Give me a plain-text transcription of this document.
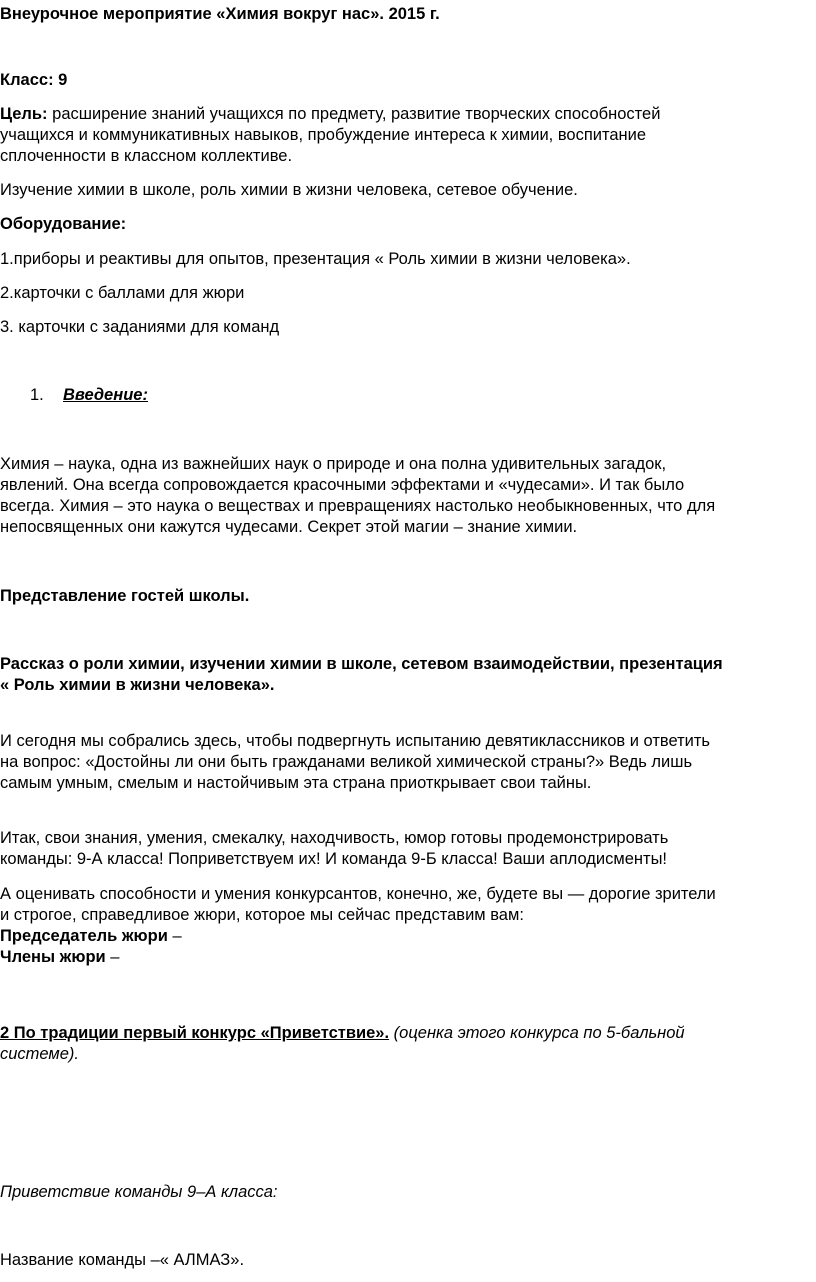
Внеурочное мероприятие «Химия вокруг нас». 2015 г.
Класс: 9
Цель: расширение знаний учащихся по предмету, развитие творческих способностей
учащихся и коммуникативных навыков, пробуждение интереса к химии, воспитание
сплоченности в классном коллективе.
Изучение химии в школе, роль химии в жизни человека, сетевое обучение.
Оборудование:
1.приборы и реактивы для опытов, презентация « Роль химии в жизни человека».
2.карточки с баллами для жюри
3. карточки с заданиями для команд
1. Введение:
Химия – наука, одна из важнейших наук о природе и она полна удивительных загадок,
явлений. Она всегда сопровождается красочными эффектами и «чудесами». И так было
всегда. Химия – это наука о веществах и превращениях настолько необыкновенных, что для
непосвященных они кажутся чудесами. Секрет этой магии – знание химии.
Представление гостей школы.
Рассказ о роли химии, изучении химии в школе, сетевом взаимодействии, презентация
« Роль химии в жизни человека».
И сегодня мы собрались здесь, чтобы подвергнуть испытанию девятиклассников и ответить
на вопрос: «Достойны ли они быть гражданами великой химической страны?» Ведь лишь
самым умным, смелым и настойчивым эта страна приоткрывает свои тайны.
Итак, свои знания, умения, смекалку, находчивость, юмор готовы продемонстрировать
команды: 9-А класса! Поприветствуем их! И команда 9-Б класса! Ваши аплодисменты!
А оценивать способности и умения конкурсантов, конечно, же, будете вы — дорогие зрители
и строгое, справедливое жюри, которое мы сейчас представим вам:
Председатель жюри –
Члены жюри –
2 По традиции первый конкурс «Приветствие». (оценка этого конкурса по 5-бальной
системе).
Приветствие команды 9–А класса:
Название команды –« АЛМАЗ».
